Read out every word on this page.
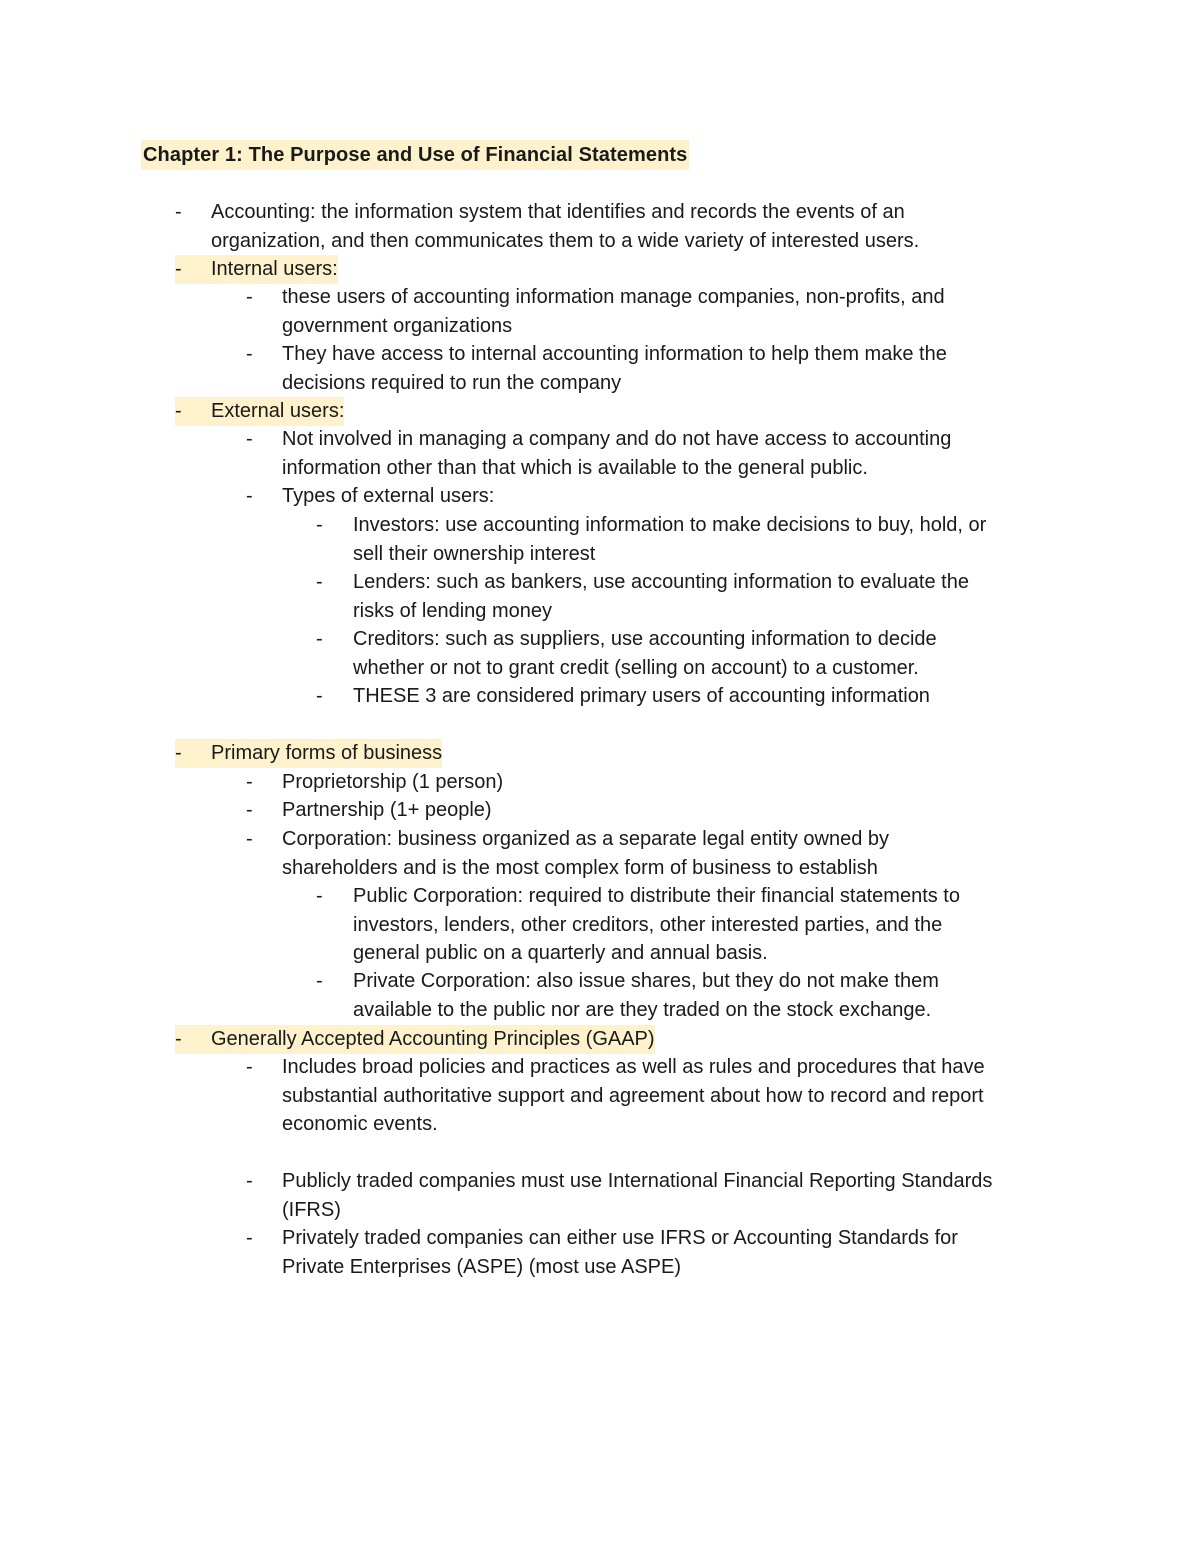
Chapter 1: The Purpose and Use of Financial Statements
-	Accounting: the information system that identifies and records the events of an
organization, and then communicates them to a wide variety of interested users.
-	Internal users:
-	these users of accounting information manage companies, non-profits, and
government organizations
-	They have access to internal accounting information to help them make the
decisions required to run the company
-	External users:
-	Not involved in managing a company and do not have access to accounting
information other than that which is available to the general public.
-	Types of external users:
-	Investors: use accounting information to make decisions to buy, hold, or
sell their ownership interest
-	Lenders: such as bankers, use accounting information to evaluate the
risks of lending money
-	Creditors: such as suppliers, use accounting information to decide
whether or not to grant credit (selling on account) to a customer.
-	THESE 3 are considered primary users of accounting information
-	Primary forms of business
-	Proprietorship (1 person)
-	Partnership (1+ people)
-	Corporation: business organized as a separate legal entity owned by
shareholders and is the most complex form of business to establish
-	Public Corporation: required to distribute their financial statements to
investors, lenders, other creditors, other interested parties, and the
general public on a quarterly and annual basis.
-	Private Corporation: also issue shares, but they do not make them
available to the public nor are they traded on the stock exchange.
-	Generally Accepted Accounting Principles (GAAP)
-	Includes broad policies and practices as well as rules and procedures that have
substantial authoritative support and agreement about how to record and report
economic events.
-	Publicly traded companies must use International Financial Reporting Standards
(IFRS)
-	Privately traded companies can either use IFRS or Accounting Standards for
Private Enterprises (ASPE) (most use ASPE)
